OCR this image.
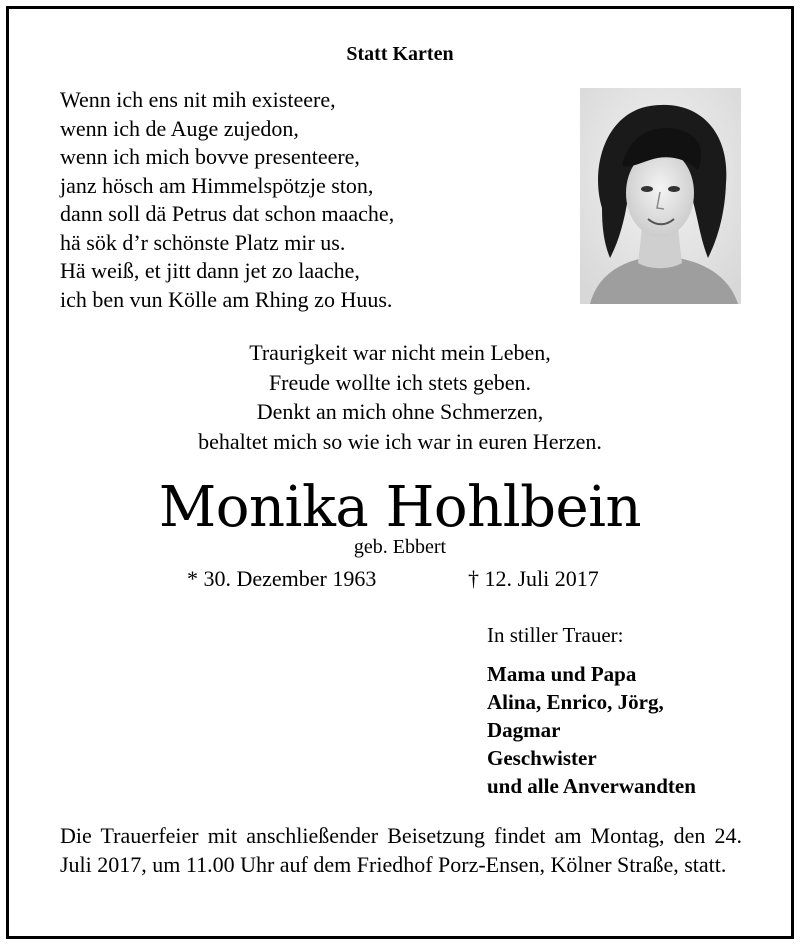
Statt Karten
Wenn ich ens nit mih existeere,
wenn ich de Auge zujedon,
wenn ich mich bovve presenteere,
janz hösch am Himmelspötzje ston,
dann soll dä Petrus dat schon maache,
hä sök d’r schönste Platz mir us.
Hä weiß, et jitt dann jet zo laache,
ich ben vun Kölle am Rhing zo Huus.
Traurigkeit war nicht mein Leben,
Freude wollte ich stets geben.
Denkt an mich ohne Schmerzen,
behaltet mich so wie ich war in euren Herzen.
Monika Hohlbein
geb. Ebbert
* 30. Dezember 1963	† 12. Juli 2017
In stiller Trauer:
Mama und Papa
Alina, Enrico, Jörg,
Dagmar
Geschwister
und alle Anverwandten
Die Trauerfeier mit anschließender Beisetzung findet am Montag, den 24. Juli 2017, um 11.00 Uhr auf dem Friedhof Porz-Ensen, Kölner Straße, statt.
